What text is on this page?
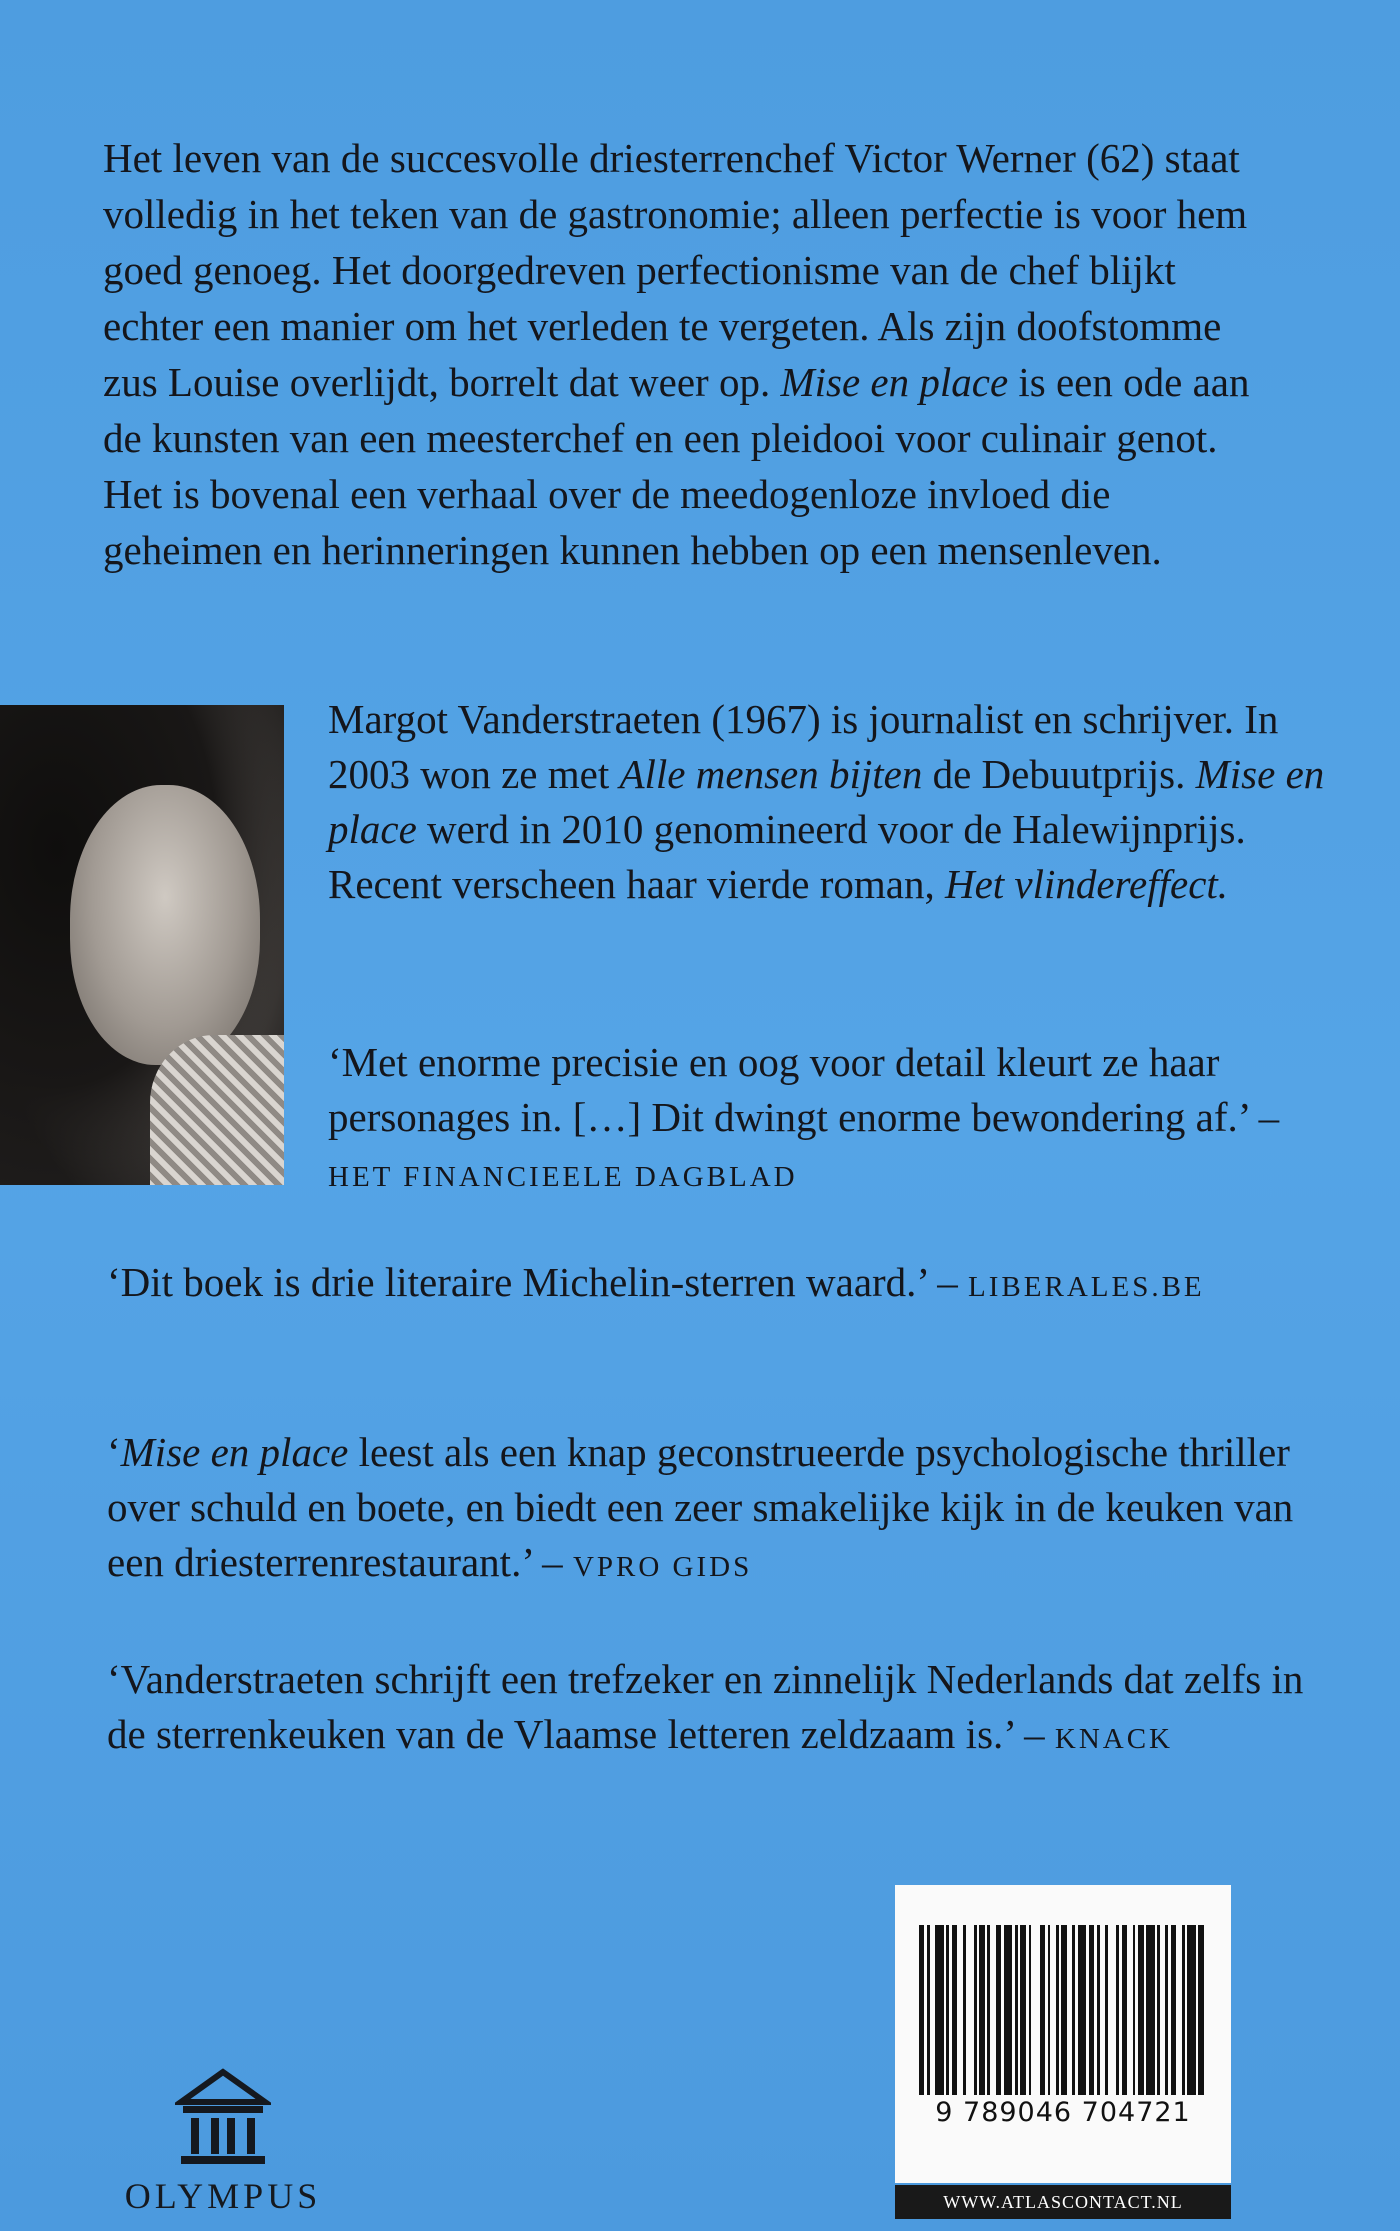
Het leven van de succesvolle driesterrenchef Victor Werner (62) staat volledig in het teken van de gastronomie; alleen perfectie is voor hem goed genoeg. Het doorgedreven perfectionisme van de chef blijkt echter een manier om het verleden te vergeten. Als zijn doofstomme zus Louise overlijdt, borrelt dat weer op. Mise en place is een ode aan de kunsten van een meesterchef en een pleidooi voor culinair genot. Het is bovenal een verhaal over de meedogenloze invloed die geheimen en herinneringen kunnen hebben op een mensenleven.

Margot Vanderstraeten (1967) is journalist en schrijver. In 2003 won ze met Alle mensen bijten de Debuutprijs. Mise en place werd in 2010 genomineerd voor de Halewijnprijs. Recent verscheen haar vierde roman, Het vlindereffect.

‘Met enorme precisie en oog voor detail kleurt ze haar personages in. […] Dit dwingt enorme bewondering af.’ – HET FINANCIEELE DAGBLAD

‘Dit boek is drie literaire Michelin-sterren waard.’ – LIBERALES.BE

‘Mise en place leest als een knap geconstrueerde psychologische thriller over schuld en boete, en biedt een zeer smakelijke kijk in de keuken van een driesterrenrestaurant.’ – VPRO GIDS

‘Vanderstraeten schrijft een trefzeker en zinnelijk Nederlands dat zelfs in de sterrenkeuken van de Vlaamse letteren zeldzaam is.’ – KNACK

OLYMPUS
9 789046 704721
WWW.ATLASCONTACT.NL
